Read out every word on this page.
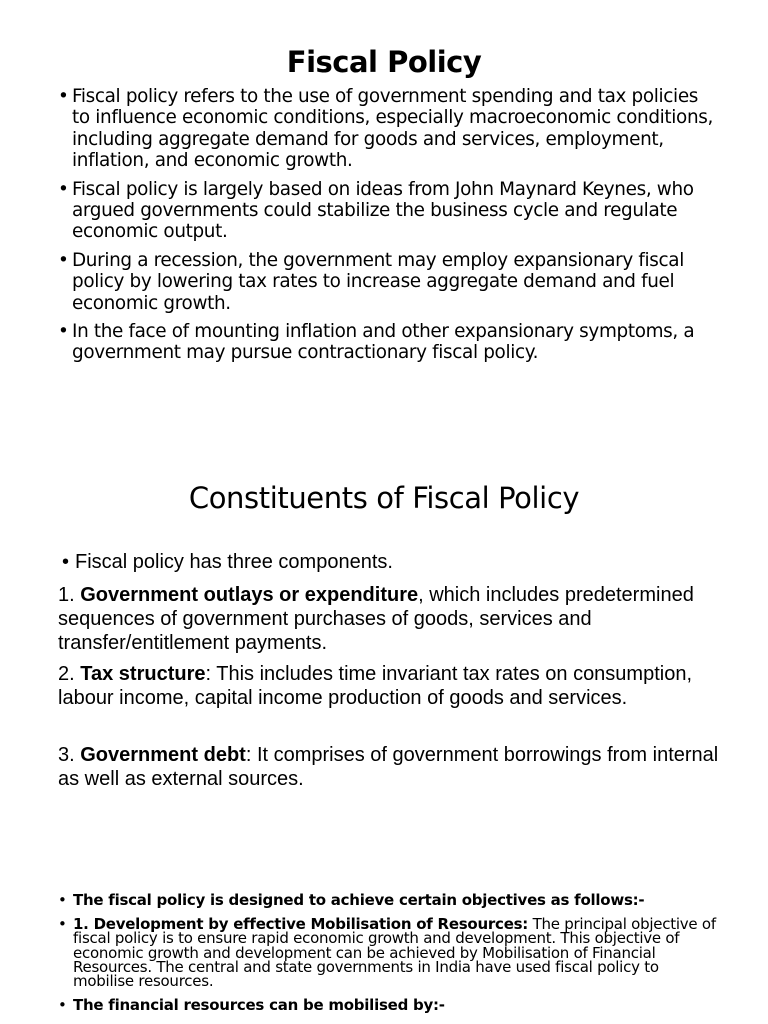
Fiscal Policy
• Fiscal policy refers to the use of government spending and tax policies to influence economic conditions, especially macroeconomic conditions, including aggregate demand for goods and services, employment, inflation, and economic growth.
• Fiscal policy is largely based on ideas from John Maynard Keynes, who argued governments could stabilize the business cycle and regulate economic output.
• During a recession, the government may employ expansionary fiscal policy by lowering tax rates to increase aggregate demand and fuel economic growth.
• In the face of mounting inflation and other expansionary symptoms, a government may pursue contractionary fiscal policy.
Constituents of Fiscal Policy
• Fiscal policy has three components.
1. Government outlays or expenditure, which includes predetermined sequences of government purchases of goods, services and transfer/entitlement payments.
2. Tax structure: This includes time invariant tax rates on consumption, labour income, capital income production of goods and services.
3. Government debt: It comprises of government borrowings from internal as well as external sources.
• The fiscal policy is designed to achieve certain objectives as follows:-
• 1. Development by effective Mobilisation of Resources: The principal objective of fiscal policy is to ensure rapid economic growth and development. This objective of economic growth and development can be achieved by Mobilisation of Financial Resources. The central and state governments in India have used fiscal policy to mobilise resources.
• The financial resources can be mobilised by:-
